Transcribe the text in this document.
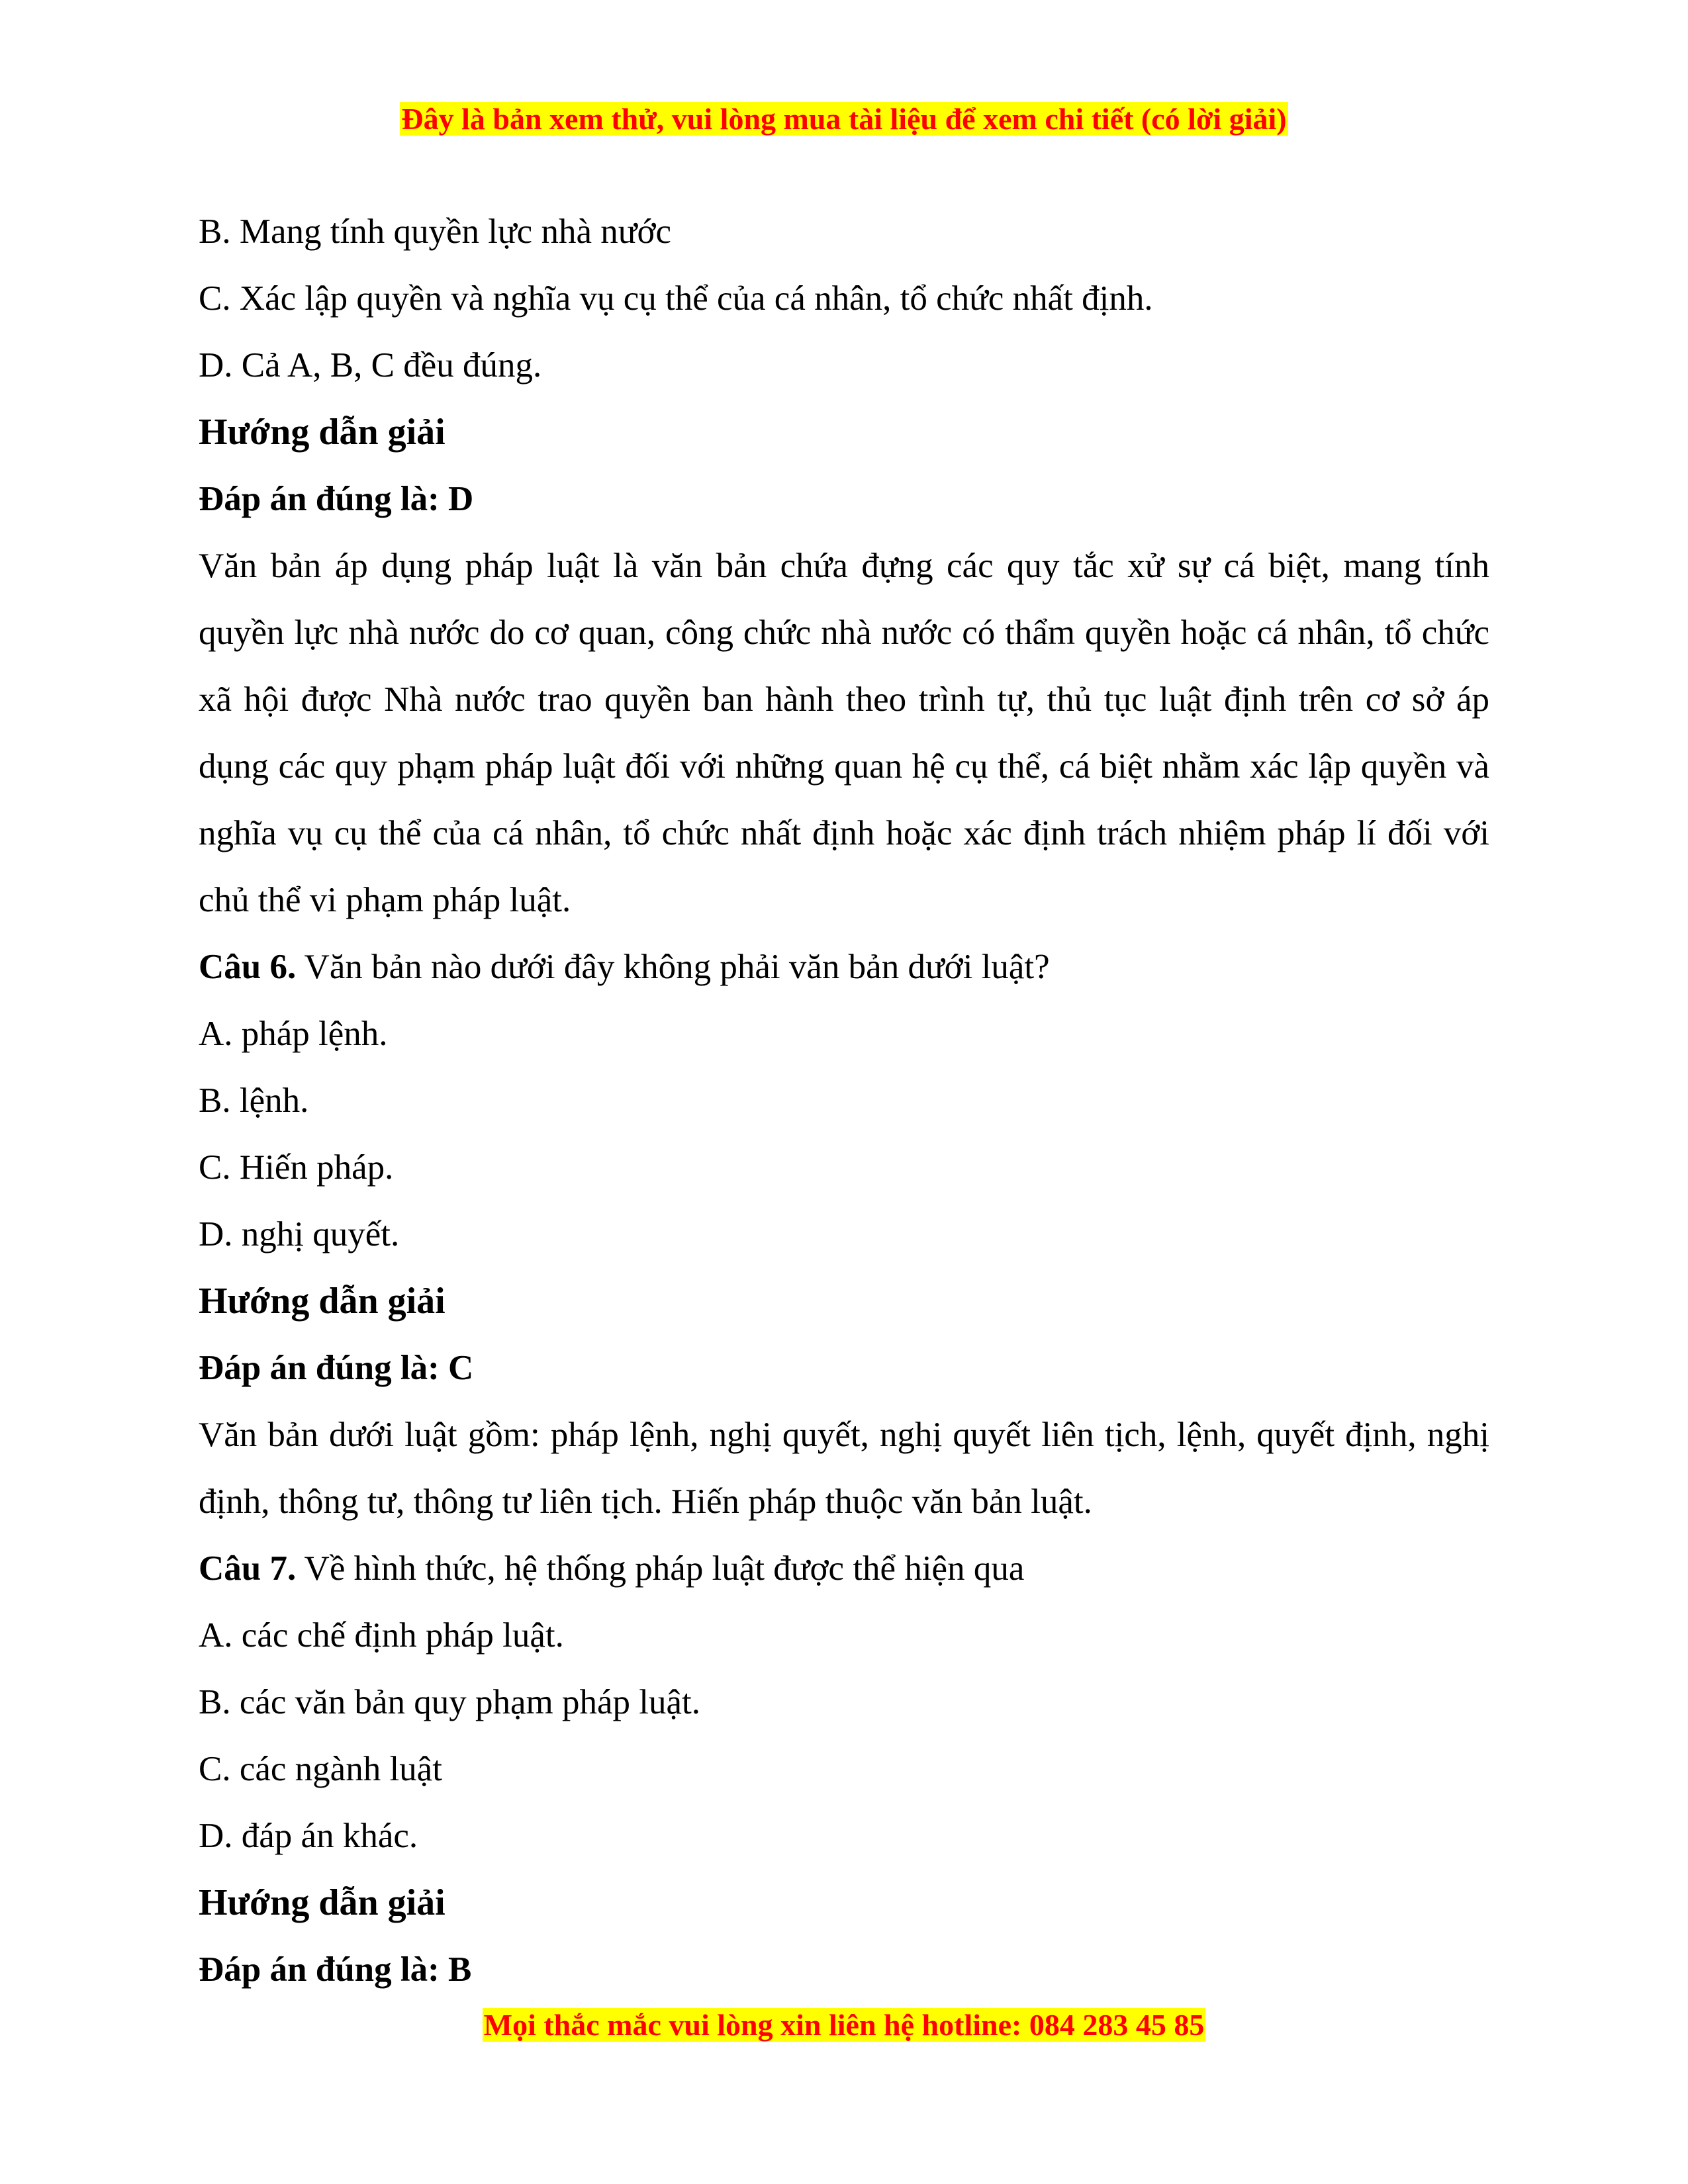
Đây là bản xem thử, vui lòng mua tài liệu để xem chi tiết (có lời giải)
B. Mang tính quyền lực nhà nước
C. Xác lập quyền và nghĩa vụ cụ thể của cá nhân, tổ chức nhất định.
D. Cả A, B, C đều đúng.
Hướng dẫn giải
Đáp án đúng là: D
Văn bản áp dụng pháp luật là văn bản chứa đựng các quy tắc xử sự cá biệt, mang tính quyền lực nhà nước do cơ quan, công chức nhà nước có thẩm quyền hoặc cá nhân, tổ chức xã hội được Nhà nước trao quyền ban hành theo trình tự, thủ tục luật định trên cơ sở áp dụng các quy phạm pháp luật đối với những quan hệ cụ thể, cá biệt nhằm xác lập quyền và nghĩa vụ cụ thể của cá nhân, tổ chức nhất định hoặc xác định trách nhiệm pháp lí đối với chủ thể vi phạm pháp luật.
Câu 6. Văn bản nào dưới đây không phải văn bản dưới luật?
A. pháp lệnh.
B. lệnh.
C. Hiến pháp.
D. nghị quyết.
Hướng dẫn giải
Đáp án đúng là: C
Văn bản dưới luật gồm: pháp lệnh, nghị quyết, nghị quyết liên tịch, lệnh, quyết định, nghị định, thông tư, thông tư liên tịch. Hiến pháp thuộc văn bản luật.
Câu 7. Về hình thức, hệ thống pháp luật được thể hiện qua
A. các chế định pháp luật.
B. các văn bản quy phạm pháp luật.
C. các ngành luật
D. đáp án khác.
Hướng dẫn giải
Đáp án đúng là: B
Mọi thắc mắc vui lòng xin liên hệ hotline: 084 283 45 85
